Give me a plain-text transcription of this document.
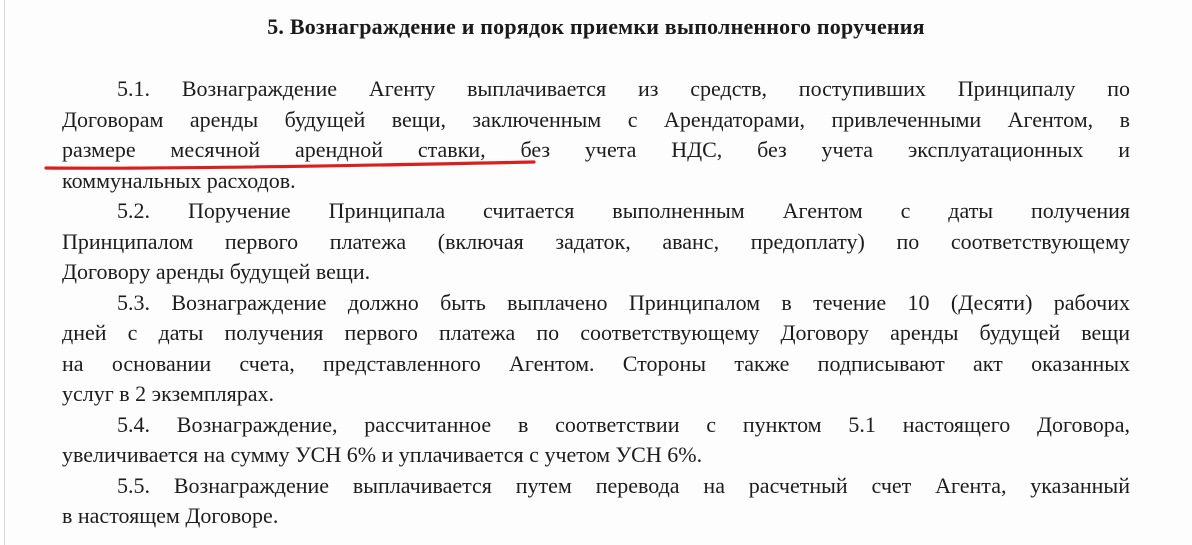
5. Вознаграждение и порядок приемки выполненного поручения
5.1. Вознаграждение Агенту выплачивается из средств, поступивших Принципалу по
Договорам аренды будущей вещи, заключенным с Арендаторами, привлеченными Агентом, в
размере месячной арендной ставки, без учета НДС, без учета эксплуатационных и
коммунальных расходов.
5.2. Поручение Принципала считается выполненным Агентом с даты получения
Принципалом первого платежа (включая задаток, аванс, предоплату) по соответствующему
Договору аренды будущей вещи.
5.3. Вознаграждение должно быть выплачено Принципалом в течение 10 (Десяти) рабочих
дней с даты получения первого платежа по соответствующему Договору аренды будущей вещи
на основании счета, представленного Агентом. Стороны также подписывают акт оказанных
услуг в 2 экземплярах.
5.4. Вознаграждение, рассчитанное в соответствии с пунктом 5.1 настоящего Договора,
увеличивается на сумму УСН 6% и уплачивается с учетом УСН 6%.
5.5. Вознаграждение выплачивается путем перевода на расчетный счет Агента, указанный
в настоящем Договоре.
